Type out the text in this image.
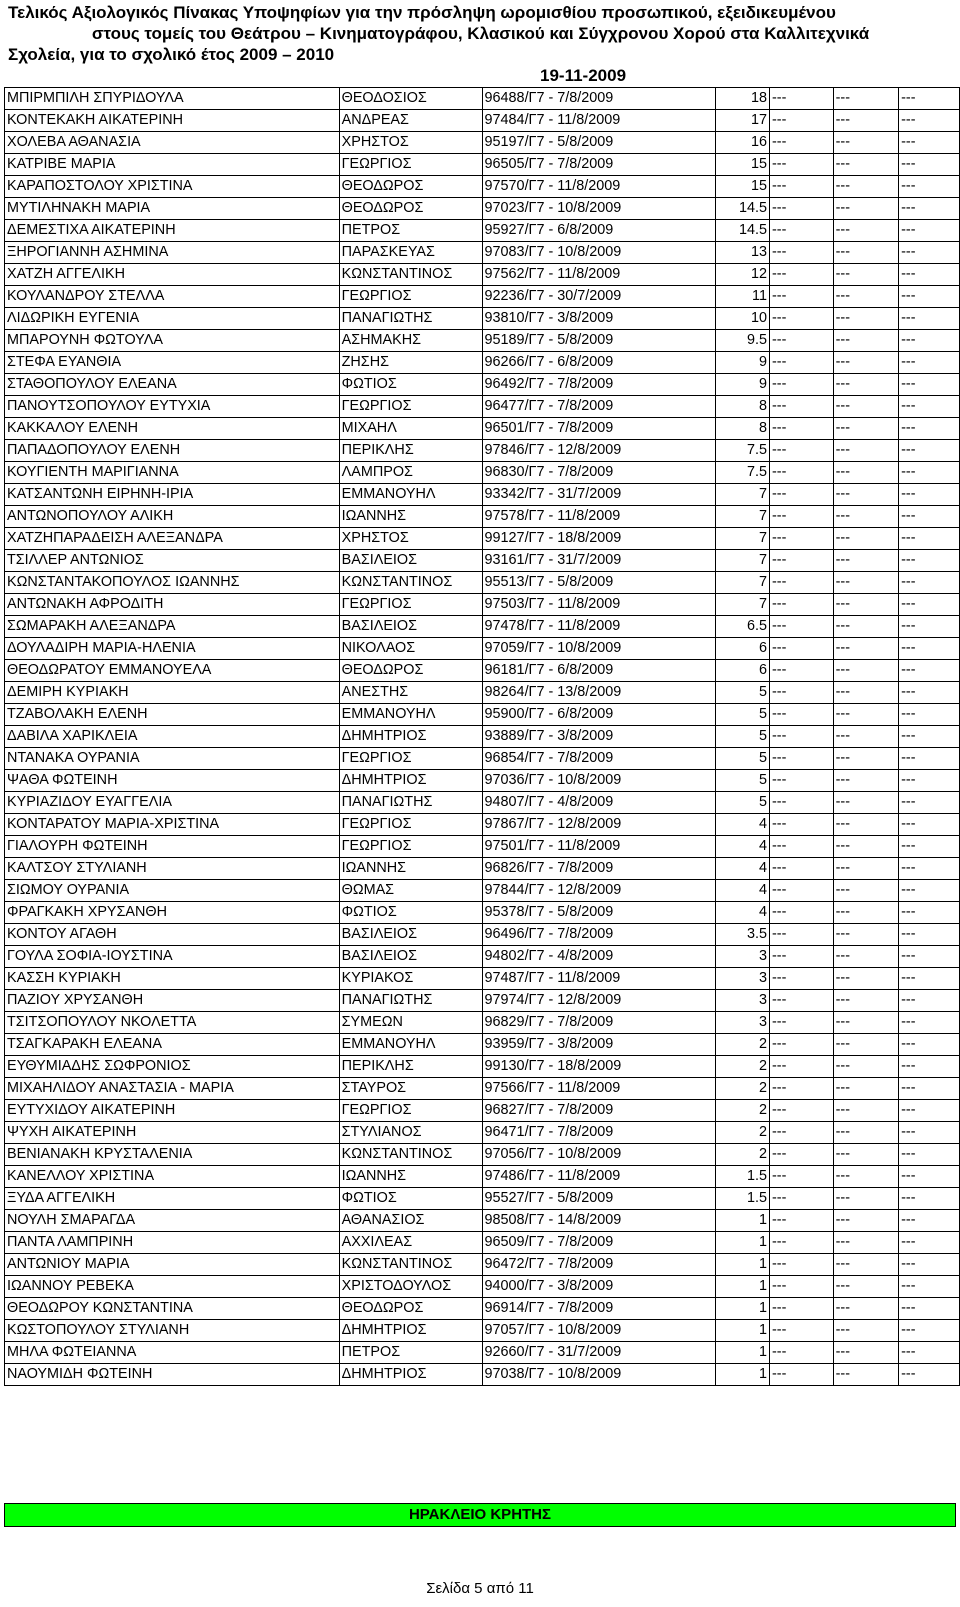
Τελικός Αξιολογικός Πίνακας Υποψηφίων για την πρόσληψη ωρομισθίου προσωπικού, εξειδικευμένου
στους τομείς του Θεάτρου – Κινηματογράφου, Κλασικού και Σύγχρονου Χορού στα Καλλιτεχνικά
Σχολεία, για το σχολικό έτος 2009 – 2010
19-11-2009
ΜΠΙΡΜΠΙΛΗ ΣΠΥΡΙΔΟΥΛΑ	ΘΕΟΔΟΣΙΟΣ	96488/Γ7 - 7/8/2009	18	---	---	---
ΚΟΝΤΕΚΑΚΗ ΑΙΚΑΤΕΡΙΝΗ	ΑΝΔΡΕΑΣ	97484/Γ7 - 11/8/2009	17	---	---	---
ΧΟΛΕΒΑ ΑΘΑΝΑΣΙΑ	ΧΡΗΣΤΟΣ	95197/Γ7 - 5/8/2009	16	---	---	---
ΚΑΤΡΙΒΕ ΜΑΡΙΑ	ΓΕΩΡΓΙΟΣ	96505/Γ7 - 7/8/2009	15	---	---	---
ΚΑΡΑΠΟΣΤΟΛΟΥ ΧΡΙΣΤΙΝΑ	ΘΕΟΔΩΡΟΣ	97570/Γ7 - 11/8/2009	15	---	---	---
ΜΥΤΙΛΗΝΑΚΗ ΜΑΡΙΑ	ΘΕΟΔΩΡΟΣ	97023/Γ7 - 10/8/2009	14.5	---	---	---
ΔΕΜΕΣΤΙΧΑ ΑΙΚΑΤΕΡΙΝΗ	ΠΕΤΡΟΣ	95927/Γ7 - 6/8/2009	14.5	---	---	---
ΞΗΡΟΓΙΑΝΝΗ ΑΣΗΜΙΝΑ	ΠΑΡΑΣΚΕΥΑΣ	97083/Γ7 - 10/8/2009	13	---	---	---
ΧΑΤΖΗ ΑΓΓΕΛΙΚΗ	ΚΩΝΣΤΑΝΤΙΝΟΣ	97562/Γ7 - 11/8/2009	12	---	---	---
ΚΟΥΛΑΝΔΡΟΥ ΣΤΕΛΛΑ	ΓΕΩΡΓΙΟΣ	92236/Γ7 - 30/7/2009	11	---	---	---
ΛΙΔΩΡΙΚΗ ΕΥΓΕΝΙΑ	ΠΑΝΑΓΙΩΤΗΣ	93810/Γ7 - 3/8/2009	10	---	---	---
ΜΠΑΡΟΥΝΗ ΦΩΤΟΥΛΑ	ΑΣΗΜΑΚΗΣ	95189/Γ7 - 5/8/2009	9.5	---	---	---
ΣΤΕΦΑ ΕΥΑΝΘΙΑ	ΖΗΣΗΣ	96266/Γ7 - 6/8/2009	9	---	---	---
ΣΤΑΘΟΠΟΥΛΟΥ ΕΛΕΑΝΑ	ΦΩΤΙΟΣ	96492/Γ7 - 7/8/2009	9	---	---	---
ΠΑΝΟΥΤΣΟΠΟΥΛΟΥ ΕΥΤΥΧΙΑ	ΓΕΩΡΓΙΟΣ	96477/Γ7 - 7/8/2009	8	---	---	---
ΚΑΚΚΑΛΟΥ ΕΛΕΝΗ	ΜΙΧΑΗΛ	96501/Γ7 - 7/8/2009	8	---	---	---
ΠΑΠΑΔΟΠΟΥΛΟΥ ΕΛΕΝΗ	ΠΕΡΙΚΛΗΣ	97846/Γ7 - 12/8/2009	7.5	---	---	---
ΚΟΥΓΙΕΝΤΗ ΜΑΡΙΓΙΑΝΝΑ	ΛΑΜΠΡΟΣ	96830/Γ7 - 7/8/2009	7.5	---	---	---
ΚΑΤΣΑΝΤΩΝΗ ΕΙΡΗΝΗ-ΙΡΙΑ	ΕΜΜΑΝΟΥΗΛ	93342/Γ7 - 31/7/2009	7	---	---	---
ΑΝΤΩΝΟΠΟΥΛΟΥ ΑΛΙΚΗ	ΙΩΑΝΝΗΣ	97578/Γ7 - 11/8/2009	7	---	---	---
ΧΑΤΖΗΠΑΡΑΔΕΙΣΗ ΑΛΕΞΑΝΔΡΑ	ΧΡΗΣΤΟΣ	99127/Γ7 - 18/8/2009	7	---	---	---
ΤΣΙΛΛΕΡ ΑΝΤΩΝΙΟΣ	ΒΑΣΙΛΕΙΟΣ	93161/Γ7 - 31/7/2009	7	---	---	---
ΚΩΝΣΤΑΝΤΑΚΟΠΟΥΛΟΣ ΙΩΑΝΝΗΣ	ΚΩΝΣΤΑΝΤΙΝΟΣ	95513/Γ7 - 5/8/2009	7	---	---	---
ΑΝΤΩΝΑΚΗ ΑΦΡΟΔΙΤΗ	ΓΕΩΡΓΙΟΣ	97503/Γ7 - 11/8/2009	7	---	---	---
ΣΩΜΑΡΑΚΗ ΑΛΕΞΑΝΔΡΑ	ΒΑΣΙΛΕΙΟΣ	97478/Γ7 - 11/8/2009	6.5	---	---	---
ΔΟΥΛΑΔΙΡΗ ΜΑΡΙΑ-ΗΛΕΝΙΑ	ΝΙΚΟΛΑΟΣ	97059/Γ7 - 10/8/2009	6	---	---	---
ΘΕΟΔΩΡΑΤΟΥ ΕΜΜΑΝΟΥΕΛΑ	ΘΕΟΔΩΡΟΣ	96181/Γ7 - 6/8/2009	6	---	---	---
ΔΕΜΙΡΗ ΚΥΡΙΑΚΗ	ΑΝΕΣΤΗΣ	98264/Γ7 - 13/8/2009	5	---	---	---
ΤΖΑΒΟΛΑΚΗ ΕΛΕΝΗ	ΕΜΜΑΝΟΥΗΛ	95900/Γ7 - 6/8/2009	5	---	---	---
ΔΑΒΙΛΑ ΧΑΡΙΚΛΕΙΑ	ΔΗΜΗΤΡΙΟΣ	93889/Γ7 - 3/8/2009	5	---	---	---
ΝΤΑΝΑΚΑ ΟΥΡΑΝΙΑ	ΓΕΩΡΓΙΟΣ	96854/Γ7 - 7/8/2009	5	---	---	---
ΨΑΘΑ ΦΩΤΕΙΝΗ	ΔΗΜΗΤΡΙΟΣ	97036/Γ7 - 10/8/2009	5	---	---	---
ΚΥΡΙΑΖΙΔΟΥ ΕΥΑΓΓΕΛΙΑ	ΠΑΝΑΓΙΩΤΗΣ	94807/Γ7 - 4/8/2009	5	---	---	---
ΚΟΝΤΑΡΑΤΟΥ ΜΑΡΙΑ-ΧΡΙΣΤΙΝΑ	ΓΕΩΡΓΙΟΣ	97867/Γ7 - 12/8/2009	4	---	---	---
ΓΙΑΛΟΥΡΗ ΦΩΤΕΙΝΗ	ΓΕΩΡΓΙΟΣ	97501/Γ7 - 11/8/2009	4	---	---	---
ΚΑΛΤΣΟΥ ΣΤΥΛΙΑΝΗ	ΙΩΑΝΝΗΣ	96826/Γ7 - 7/8/2009	4	---	---	---
ΣΙΩΜΟΥ ΟΥΡΑΝΙΑ	ΘΩΜΑΣ	97844/Γ7 - 12/8/2009	4	---	---	---
ΦΡΑΓΚΑΚΗ ΧΡΥΣΑΝΘΗ	ΦΩΤΙΟΣ	95378/Γ7 - 5/8/2009	4	---	---	---
ΚΟΝΤΟΥ ΑΓΑΘΗ	ΒΑΣΙΛΕΙΟΣ	96496/Γ7 - 7/8/2009	3.5	---	---	---
ΓΟΥΛΑ ΣΟΦΙΑ-ΙΟΥΣΤΙΝΑ	ΒΑΣΙΛΕΙΟΣ	94802/Γ7 - 4/8/2009	3	---	---	---
ΚΑΣΣΗ ΚΥΡΙΑΚΗ	ΚΥΡΙΑΚΟΣ	97487/Γ7 - 11/8/2009	3	---	---	---
ΠΑΖΙΟΥ ΧΡΥΣΑΝΘΗ	ΠΑΝΑΓΙΩΤΗΣ	97974/Γ7 - 12/8/2009	3	---	---	---
ΤΣΙΤΣΟΠΟΥΛΟΥ ΝΚΟΛΕΤΤΑ	ΣΥΜΕΩΝ	96829/Γ7 - 7/8/2009	3	---	---	---
ΤΣΑΓΚΑΡΑΚΗ ΕΛΕΑΝΑ	ΕΜΜΑΝΟΥΗΛ	93959/Γ7 - 3/8/2009	2	---	---	---
ΕΥΘΥΜΙΑΔΗΣ ΣΩΦΡΟΝΙΟΣ	ΠΕΡΙΚΛΗΣ	99130/Γ7 - 18/8/2009	2	---	---	---
ΜΙΧΑΗΛΙΔΟΥ ΑΝΑΣΤΑΣΙΑ - ΜΑΡΙΑ	ΣΤΑΥΡΟΣ	97566/Γ7 - 11/8/2009	2	---	---	---
ΕΥΤΥΧΙΔΟΥ ΑΙΚΑΤΕΡΙΝΗ	ΓΕΩΡΓΙΟΣ	96827/Γ7 - 7/8/2009	2	---	---	---
ΨΥΧΗ ΑΙΚΑΤΕΡΙΝΗ	ΣΤΥΛΙΑΝΟΣ	96471/Γ7 - 7/8/2009	2	---	---	---
ΒΕΝΙΑΝΑΚΗ ΚΡΥΣΤΑΛΕΝΙΑ	ΚΩΝΣΤΑΝΤΙΝΟΣ	97056/Γ7 - 10/8/2009	2	---	---	---
ΚΑΝΕΛΛΟΥ ΧΡΙΣΤΙΝΑ	ΙΩΑΝΝΗΣ	97486/Γ7 - 11/8/2009	1.5	---	---	---
ΞΥΔΑ ΑΓΓΕΛΙΚΗ	ΦΩΤΙΟΣ	95527/Γ7 - 5/8/2009	1.5	---	---	---
ΝΟΥΛΗ ΣΜΑΡΑΓΔΑ	ΑΘΑΝΑΣΙΟΣ	98508/Γ7 - 14/8/2009	1	---	---	---
ΠΑΝΤΑ ΛΑΜΠΡΙΝΗ	ΑΧΧΙΛΕΑΣ	96509/Γ7 - 7/8/2009	1	---	---	---
ΑΝΤΩΝΙΟΥ ΜΑΡΙΑ	ΚΩΝΣΤΑΝΤΙΝΟΣ	96472/Γ7 - 7/8/2009	1	---	---	---
ΙΩΑΝΝΟΥ ΡΕΒΕΚΑ	ΧΡΙΣΤΟΔΟΥΛΟΣ	94000/Γ7 - 3/8/2009	1	---	---	---
ΘΕΟΔΩΡΟΥ ΚΩΝΣΤΑΝΤΙΝΑ	ΘΕΟΔΩΡΟΣ	96914/Γ7 - 7/8/2009	1	---	---	---
ΚΩΣΤΟΠΟΥΛΟΥ ΣΤΥΛΙΑΝΗ	ΔΗΜΗΤΡΙΟΣ	97057/Γ7 - 10/8/2009	1	---	---	---
ΜΗΛΑ ΦΩΤΕΙΑΝΝΑ	ΠΕΤΡΟΣ	92660/Γ7 - 31/7/2009	1	---	---	---
ΝΑΟΥΜΙΔΗ ΦΩΤΕΙΝΗ	ΔΗΜΗΤΡΙΟΣ	97038/Γ7 - 10/8/2009	1	---	---	---
ΗΡΑΚΛΕΙΟ ΚΡΗΤΗΣ
Σελίδα 5 από 11
